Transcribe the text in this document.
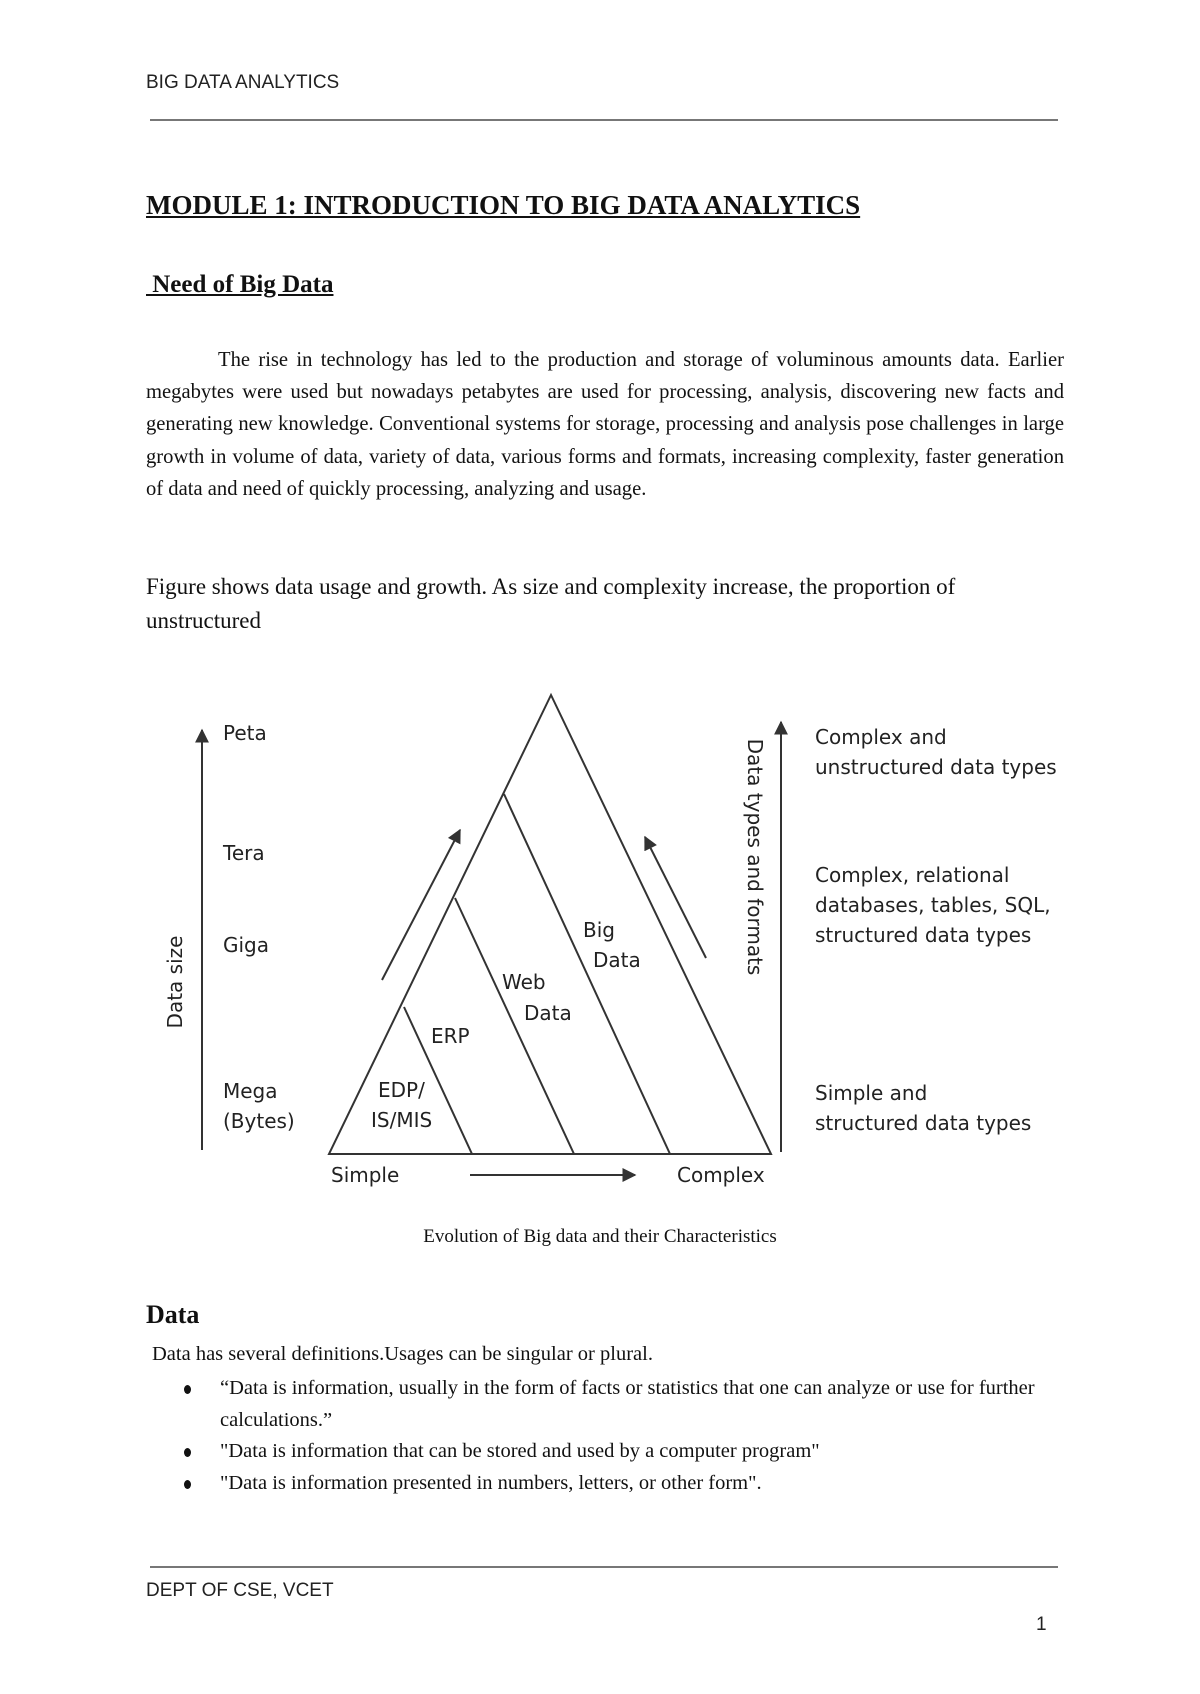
BIG DATA ANALYTICS
MODULE 1: INTRODUCTION TO BIG DATA ANALYTICS
Need of Big Data
The rise in technology has led to the production and storage of voluminous amounts data. Earlier megabytes were used but nowadays petabytes are used for processing, analysis, discovering new facts and generating new knowledge. Conventional systems for storage, processing and analysis pose challenges in large growth in volume of data, variety of data, various forms and formats, increasing complexity, faster generation of data and need of quickly processing, analyzing and usage.
Figure shows data usage and growth. As size and complexity increase, the proportion of unstructured
Data size
Peta
Tera
Giga
Mega
(Bytes)
EDP/
IS/MIS
ERP
Web
Data
Big
Data
Simple	Complex
Data types and formats
Complex and
unstructured data types
Complex, relational
databases, tables, SQL,
structured data types
Simple and
structured data types
Evolution of Big data and their Characteristics
Data
Data has several definitions.Usages can be singular or plural.
“Data is information, usually in the form of facts or statistics that one can analyze or use for further calculations.”
"Data is information that can be stored and used by a computer program"
"Data is information presented in numbers, letters, or other form".
DEPT OF CSE, VCET
1
